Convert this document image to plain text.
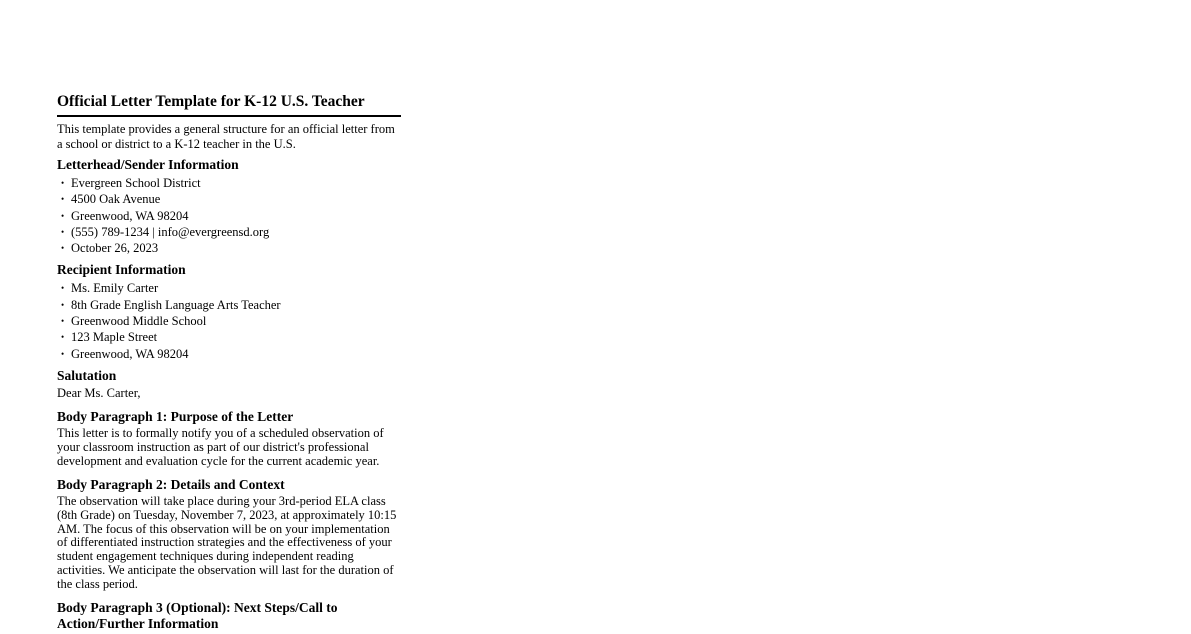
Official Letter Template for K-12 U.S. Teacher

This template provides a general structure for an official letter from a school or district to a K-12 teacher in the U.S.

Letterhead/Sender Information
• Evergreen School District
• 4500 Oak Avenue
• Greenwood, WA 98204
• (555) 789-1234 | info@evergreensd.org
• October 26, 2023
Recipient Information
• Ms. Emily Carter
• 8th Grade English Language Arts Teacher
• Greenwood Middle School
• 123 Maple Street
• Greenwood, WA 98204
Salutation

Dear Ms. Carter,

Body Paragraph 1: Purpose of the Letter

This letter is to formally notify you of a scheduled observation of your classroom instruction as part of our district's professional development and evaluation cycle for the current academic year.

Body Paragraph 2: Details and Context

The observation will take place during your 3rd-period ELA class (8th Grade) on Tuesday, November 7, 2023, at approximately 10:15 AM. The focus of this observation will be on your implementation of differentiated instruction strategies and the effectiveness of your student engagement techniques during independent reading activities. We anticipate the observation will last for the duration of the class period.

Body Paragraph 3 (Optional): Next Steps/Call to Action/Further Information
